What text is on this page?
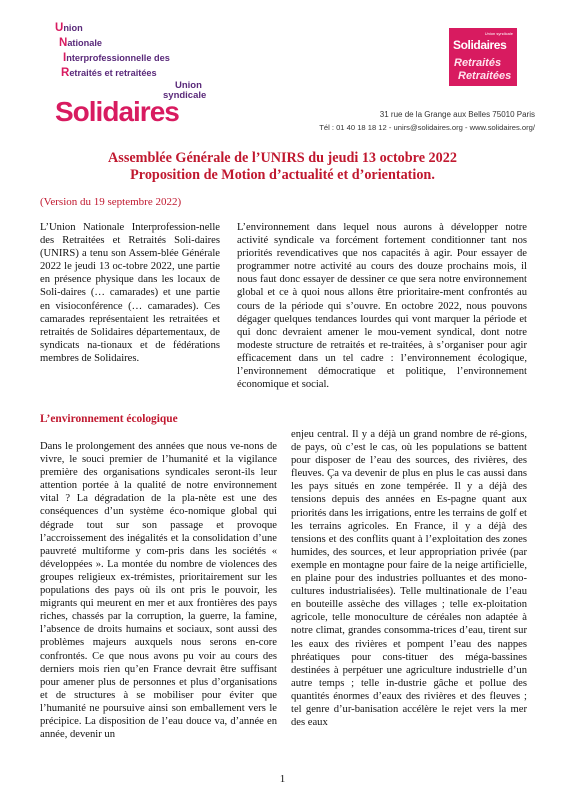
Union
Nationale
Interprofessionnelle des
Retraités et retraitées
Union
syndicale
Solidaires
Union syndicale
Solidaires
Retraités
Retraitées
31 rue de la Grange aux Belles 75010 Paris
Tél : 01 40 18 18 12 - unirs@solidaires.org - www.solidaires.org/
Assemblée Générale de l’UNIRS du jeudi 13 octobre 2022
Proposition de Motion d’actualité et d’orientation.
(Version du 19 septembre 2022)

L’Union Nationale Interprofession-nelle des Retraitées et Retraités Soli-daires (UNIRS) a tenu son Assem-blée Générale 2022 le jeudi 13 oc-tobre 2022, une partie en présence physique dans les locaux de Soli-daires (… camarades) et une partie en visioconférence (… camarades). Ces camarades représentaient les retraitées et retraités de Solidaires départementaux, de syndicats na-tionaux et de fédérations membres de Solidaires.

L’environnement dans lequel nous aurons à développer notre activité syndicale va forcément fortement conditionner tant nos priorités revendicatives que nos capacités à agir. Pour essayer de programmer notre activité au cours des douze prochains mois, il nous faut donc essayer de dessiner ce que sera notre environnement global et ce à quoi nous allons être prioritaire-ment confrontés au cours de la période qui s’ouvre. En octobre 2022, nous pouvons dégager quelques tendances lourdes qui vont marquer la période et qui donc devraient amener le mou-vement syndical, dont notre modeste structure de retraités et re-traitées, à s’organiser pour agir efficacement dans un tel cadre : l’environnement écologique, l’environnement démocratique et politique, l’environnement économique et social.

L’environnement écologique

Dans le prolongement des années que nous ve-nons de vivre, le souci premier de l’humanité et la vigilance première des organisations syndicales seront-ils leur attention portée à la qualité de notre environnement vital ? La dégradation de la pla-nète est une des conséquences d’un système éco-nomique global qui dégrade tout sur son passage et provoque l’accroissement des inégalités et la consolidation d’une pauvreté multiforme y com-pris dans les sociétés « développées ». La montée du nombre de violences des groupes religieux ex-trémistes, prioritairement sur les populations des pays où ils ont pris le pouvoir, les migrants qui meurent en mer et aux frontières des pays riches, chassés par la corruption, la guerre, la famine, l’absence de droits humains et sociaux, sont aussi des problèmes majeurs auxquels nous serons en-core confrontés. Ce que nous avons pu voir au cours des derniers mois rien qu’en France devrait être suffisant pour amener plus de personnes et plus d’organisations et de structures à se mobiliser pour éviter que l’humanité ne poursuive ainsi son emballement vers le précipice. La disposition de l’eau douce va, d’année en année, devenir un

enjeu central. Il y a déjà un grand nombre de ré-gions, de pays, où c’est le cas, où les populations se battent pour disposer de l’eau des sources, des rivières, des fleuves. Ça va devenir de plus en plus le cas aussi dans les pays situés en zone tempérée. Il y a déjà des tensions depuis des années en Es-pagne quant aux priorités dans les irrigations, entre les terrains de golf et les terrains agricoles. En France, il y a déjà des tensions et des conflits quant à l’exploitation des zones humides, des sources, et leur appropriation privée (par exemple en montagne pour faire de la neige artificielle, en plaine pour des industries polluantes et des mono-cultures industrialisées). Telle multinationale de l’eau en bouteille assèche des villages ; telle ex-ploitation agricole, telle monoculture de céréales non adaptée à notre climat, grandes consomma-trices d’eau, tirent sur les eaux des rivières et pompent l’eau des nappes phréatiques pour cons-tituer des méga-bassines destinées à perpétuer une agriculture industrielle d’un autre temps ; telle in-dustrie gâche et pollue des quantités énormes d’eaux des rivières et des fleuves ; tel genre d’ur-banisation accélère le rejet vers la mer des eaux

1
